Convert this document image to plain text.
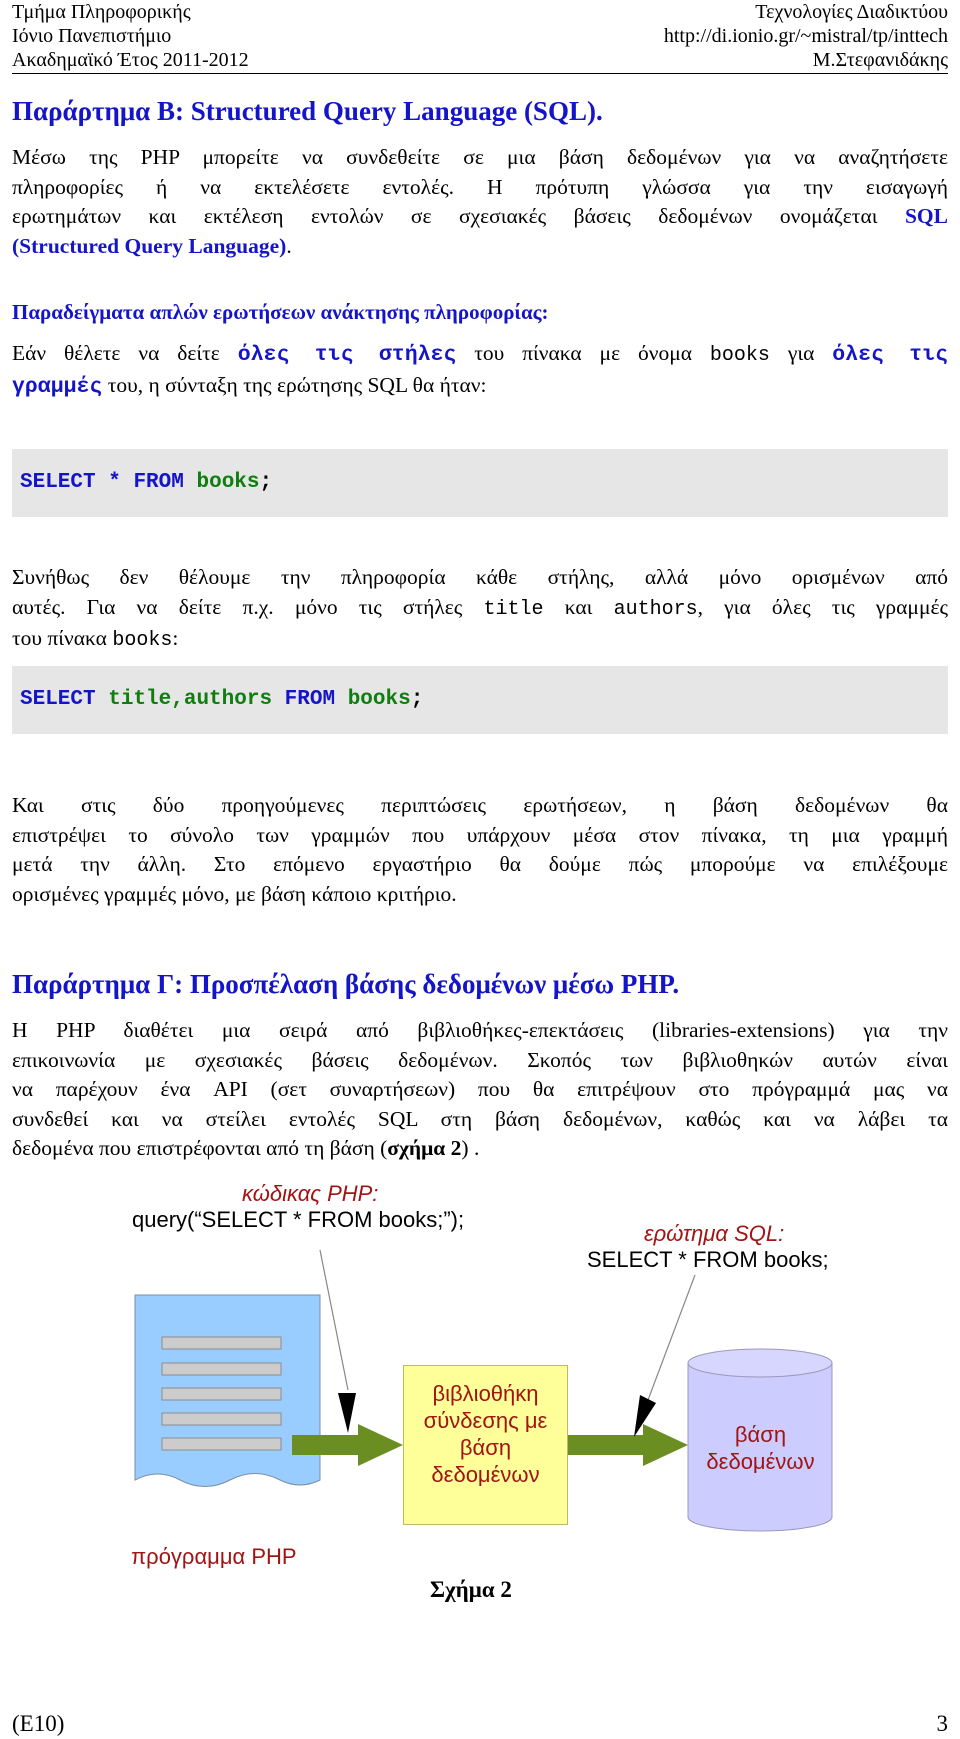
Τμήμα Πληροφορικής
Ιόνιο Πανεπιστήμιο
Ακαδημαϊκό Έτος 2011-2012
Τεχνολογίες Διαδικτύου
http://di.ionio.gr/~mistral/tp/inttech
Μ.Στεφανιδάκης
Παράρτημα B: Structured Query Language (SQL).
Μέσω της PHP μπορείτε να συνδεθείτε σε μια βάση δεδομένων για να αναζητήσετε
πληροφορίες ή να εκτελέσετε εντολές. Η πρότυπη γλώσσα για την εισαγωγή
ερωτημάτων και εκτέλεση εντολών σε σχεσιακές βάσεις δεδομένων ονομάζεται SQL
(Structured Query Language).
Παραδείγματα απλών ερωτήσεων ανάκτησης πληροφορίας:
Εάν θέλετε να δείτε όλες τις στήλες του πίνακα με όνομα books για όλες τις
γραμμές του, η σύνταξη της ερώτησης SQL θα ήταν:
SELECT * FROM books;
Συνήθως δεν θέλουμε την πληροφορία κάθε στήλης, αλλά μόνο ορισμένων από
αυτές. Για να δείτε π.χ. μόνο τις στήλες title και authors, για όλες τις γραμμές
του πίνακα books:
SELECT title,authors FROM books;
Και στις δύο προηγούμενες περιπτώσεις ερωτήσεων, η βάση δεδομένων θα
επιστρέψει το σύνολο των γραμμών που υπάρχουν μέσα στον πίνακα, τη μια γραμμή
μετά την άλλη. Στο επόμενο εργαστήριο θα δούμε πώς μπορούμε να επιλέξουμε
ορισμένες γραμμές μόνο, με βάση κάποιο κριτήριο.
Παράρτημα Γ: Προσπέλαση βάσης δεδομένων μέσω PHP.
Η PHP διαθέτει μια σειρά από βιβλιοθήκες-επεκτάσεις (libraries-extensions) για την
επικοινωνία με σχεσιακές βάσεις δεδομένων. Σκοπός των βιβλιοθηκών αυτών είναι
να παρέχουν ένα API (σετ συναρτήσεων) που θα επιτρέψουν στο πρόγραμμά μας να
συνδεθεί και να στείλει εντολές SQL στη βάση δεδομένων, καθώς και να λάβει τα
δεδομένα που επιστρέφονται από τη βάση (σχήμα 2) .
βιβλιοθήκη
σύνδεσης με
βάση
δεδομένων
βάση
δεδομένων
κώδικας PHP:
query(“SELECT * FROM books;”);
ερώτημα SQL:
SELECT * FROM books;
πρόγραμμα PHP
Σχήμα 2
(E10)	3
